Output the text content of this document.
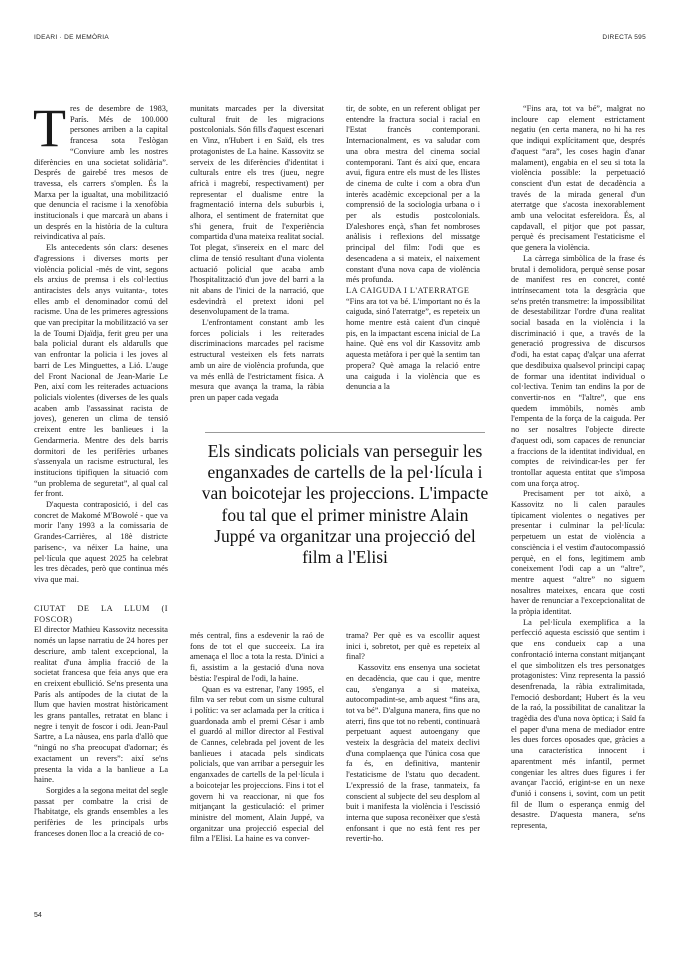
IDEARI · DE MEMÒRIA	DIRECTA 595
T res de desembre de 1983, París. Més de 100.000 persones arriben a la capital francesa sota l'eslògan “Conviure amb les nostres diferències en una societat solidària”. Després de gairebé tres mesos de travessa, els carrers s'omplen. És la Marxa per la igualtat, una mobilització que denuncia el racisme i la xenofòbia institucionals i que marcarà un abans i un després en la història de la cultura reivindicativa al país.

Els antecedents són clars: desenes d'agressions i diverses morts per violència policial -més de vint, segons els arxius de premsa i els col·lectius antiracistes dels anys vuitanta-, totes elles amb el denominador comú del racisme. Una de les primeres agressions que van precipitar la mobilització va ser la de Toumi Djaïdja, ferit greu per una bala policial durant els aldarulls que van enfrontar la policia i les joves al barri de Les Minguettes, a Lió. L'auge del Front Nacional de Jean-Marie Le Pen, així com les reiterades actuacions policials violentes (diverses de les quals acaben amb l'assassinat racista de joves), generen un clima de tensió creixent entre les banlieues i la Gendarmeria. Mentre des dels barris dormitori de les perifèries urbanes s'assenyala un racisme estructural, les institucions tipifiquen la situació com “un problema de seguretat”, al qual cal fer front.

D'aquesta contraposició, i del cas concret de Makomé M'Bowolé - que va morir l'any 1993 a la comissaria de Grandes-Carrières, al 18è districte parisenc-, va néixer La haine, una pel·lícula que aquest 2025 ha celebrat les tres dècades, però que continua més viva que mai.

CIUTAT DE LA LLUM (I FOSCOR)

El director Mathieu Kassovitz necessita només un lapse narratiu de 24 hores per descriure, amb talent excepcional, la realitat d'una àmplia fracció de la societat francesa que feia anys que era en creixent ebullició. Se'ns presenta una París als antípodes de la ciutat de la llum que havien mostrat històricament les grans pantalles, retratat en blanc i negre i tenyit de foscor i odi. Jean-Paul Sartre, a La nàusea, ens parla d'allò que “ningú no s'ha preocupat d'adornar; és exactament un revers”: així se'ns presenta la vida a la banlieue a La haine.

Sorgides a la segona meitat del segle passat per combatre la crisi de l'habitatge, els grands ensembles a les perifèries de les principals urbs franceses donen lloc a la creació de co-

munitats marcades per la diversitat cultural fruit de les migracions postcolonials. Són fills d'aquest escenari en Vinz, n'Hubert i en Saïd, els tres protagonistes de La haine. Kassovitz se serveix de les diferències d'identitat i culturals entre els tres (jueu, negre africà i magrebí, respectivament) per representar el dualisme entre la fragmentació interna dels suburbis i, alhora, el sentiment de fraternitat que s'hi genera, fruit de l'experiència compartida d'una mateixa realitat social. Tot plegat, s'insereix en el marc del clima de tensió resultant d'una violenta actuació policial que acaba amb l'hospitalització d'un jove del barri a la nit abans de l'inici de la narració, que esdevindrà el pretext idoni pel desenvolupament de la trama.

L'enfrontament constant amb les forces policials i les reiterades discriminacions marcades pel racisme estructural vesteixen els fets narrats amb un aire de violència profunda, que va més enllà de l'estrictament física. A mesura que avança la trama, la ràbia pren un paper cada vegada

més central, fins a esdevenir la raó de fons de tot el que succeeix. La ira amenaça el lloc a tota la resta. D'inici a fi, assistim a la gestació d'una nova bèstia: l'espiral de l'odi, la haine.

Quan es va estrenar, l'any 1995, el film va ser rebut com un sisme cultural i polític: va ser aclamada per la crítica i guardonada amb el premi César i amb el guardó al millor director al Festival de Cannes, celebrada pel jovent de les banlieues i atacada pels sindicats policials, que van arribar a perseguir les enganxades de cartells de la pel·lícula i a boicotejar les projeccions. Fins i tot el govern hi va reaccionar, ni que fos mitjançant la gesticulació: el primer ministre del moment, Alain Juppé, va organitzar una projecció especial del film a l'Elisi. La haine es va conver-

tir, de sobte, en un referent obligat per entendre la fractura social i racial en l'Estat francès contemporani. Internacionalment, es va saludar com una obra mestra del cinema social contemporani. Tant és així que, encara avui, figura entre els must de les llistes de cinema de culte i com a obra d'un interès acadèmic excepcional per a la comprensió de la sociologia urbana o i per als estudis postcolonials. D'aleshores ençà, s'han fet nombroses anàlisis i reflexions del missatge principal del film: l'odi que es desencadena a si mateix, el naixement constant d'una nova capa de violència més profunda.

LA CAIGUDA I L'ATERRATGE

“Fins ara tot va bé. L'important no és la caiguda, sinó l'aterratge”, es repeteix un home mentre està caient d'un cinquè pis, en la impactant escena inicial de La haine. Què ens vol dir Kassovitz amb aquesta metàfora i per què la sentim tan propera? Què amaga la relació entre una caiguda i la violència que es denuncia a la

trama? Per què es va escollir aquest inici i, sobretot, per què es repeteix al final?

Kassovitz ens ensenya una societat en decadència, que cau i que, mentre cau, s'enganya a si mateixa, autocompadint-se, amb aquest “fins ara, tot va bé”. D'alguna manera, fins que no aterri, fins que tot no rebenti, continuarà perpetuant aquest autoengany que vesteix la desgràcia del mateix declivi d'una complaença que l'única cosa que fa és, en definitiva, mantenir l'estaticisme de l'statu quo decadent. L'expressió de la frase, tanmateix, fa conscient al subjecte del seu desplom al buit i manifesta la violència i l'escissió interna que suposa reconèixer que s'està enfonsant i que no està fent res per revertir-ho.

“Fins ara, tot va bé”, malgrat no incloure cap element estrictament negatiu (en certa manera, no hi ha res que indiqui explícitament que, després d'aquest “ara”, les coses hagin d'anar malament), engabia en el seu si tota la violència possible: la perpetuació conscient d'un estat de decadència a través de la mirada general d'un aterratge que s'acosta inexorablement amb una velocitat esfereïdora. És, al capdavall, el pitjor que pot passar, perquè és precisament l'estaticisme el que genera la violència.

La càrrega simbòlica de la frase és brutal i demolidora, perquè sense posar de manifest res en concret, conté intrínsecament tota la desgràcia que se'ns pretén transmetre: la impossibilitat de desestabilitzar l'ordre d'una realitat social basada en la violència i la discriminació i que, a través de la generació progressiva de discursos d'odi, ha estat capaç d'alçar una aferrat que desdibuixa qualsevol principi capaç de formar una identitat individual o col·lectiva. Tenim tan endins la por de convertir-nos en “l'altre”, que ens quedem immòbils, nomès amb l'empenta de la força de la caiguda. Per no ser nosaltres l'objecte directe d'aquest odi, som capaces de renunciar a fraccions de la identitat individual, en comptes de reivindicar-les per fer trontollar aquesta entitat que s'imposa com una força atroç.

Precisament per tot això, a Kassovitz no li calen paraules típicament violentes o negatives per presentar i culminar la pel·lícula: perpetuem un estat de violència a consciència i el vestim d'autocompassió perquè, en el fons, legitimem amb coneixement l'odi cap a un “altre”, mentre aquest “altre” no siguem nosaltres mateixes, encara que costi haver de renunciar a l'excepcionalitat de la pròpia identitat.

La pel·lícula exemplifica a la perfecció aquesta escissió que sentim i que ens condueix cap a una confrontació interna constant mitjançant el que simbolitzen els tres personatges protagonistes: Vinz representa la passió desenfrenada, la ràbia extralimitada, l'emoció desbordant; Hubert és la veu de la raó, la possibilitat de canalitzar la tragèdia des d'una nova òptica; i Saïd fa el paper d'una mena de mediador entre les dues forces oposades que, gràcies a una característica innocent i aparentment més infantil, permet congeniar les altres dues figures i fer avançar l'acció, erigint-se en un nexe d'unió i consens i, sovint, com un petit fil de llum o esperança enmig del desastre. D'aquesta manera, se'ns representa,

Els sindicats policials van perseguir les enganxades de cartells de la pel·lícula i van boicotejar les projeccions. L'impacte fou tal que el primer ministre Alain Juppé va organitzar una projecció del film a l'Elisi

54
